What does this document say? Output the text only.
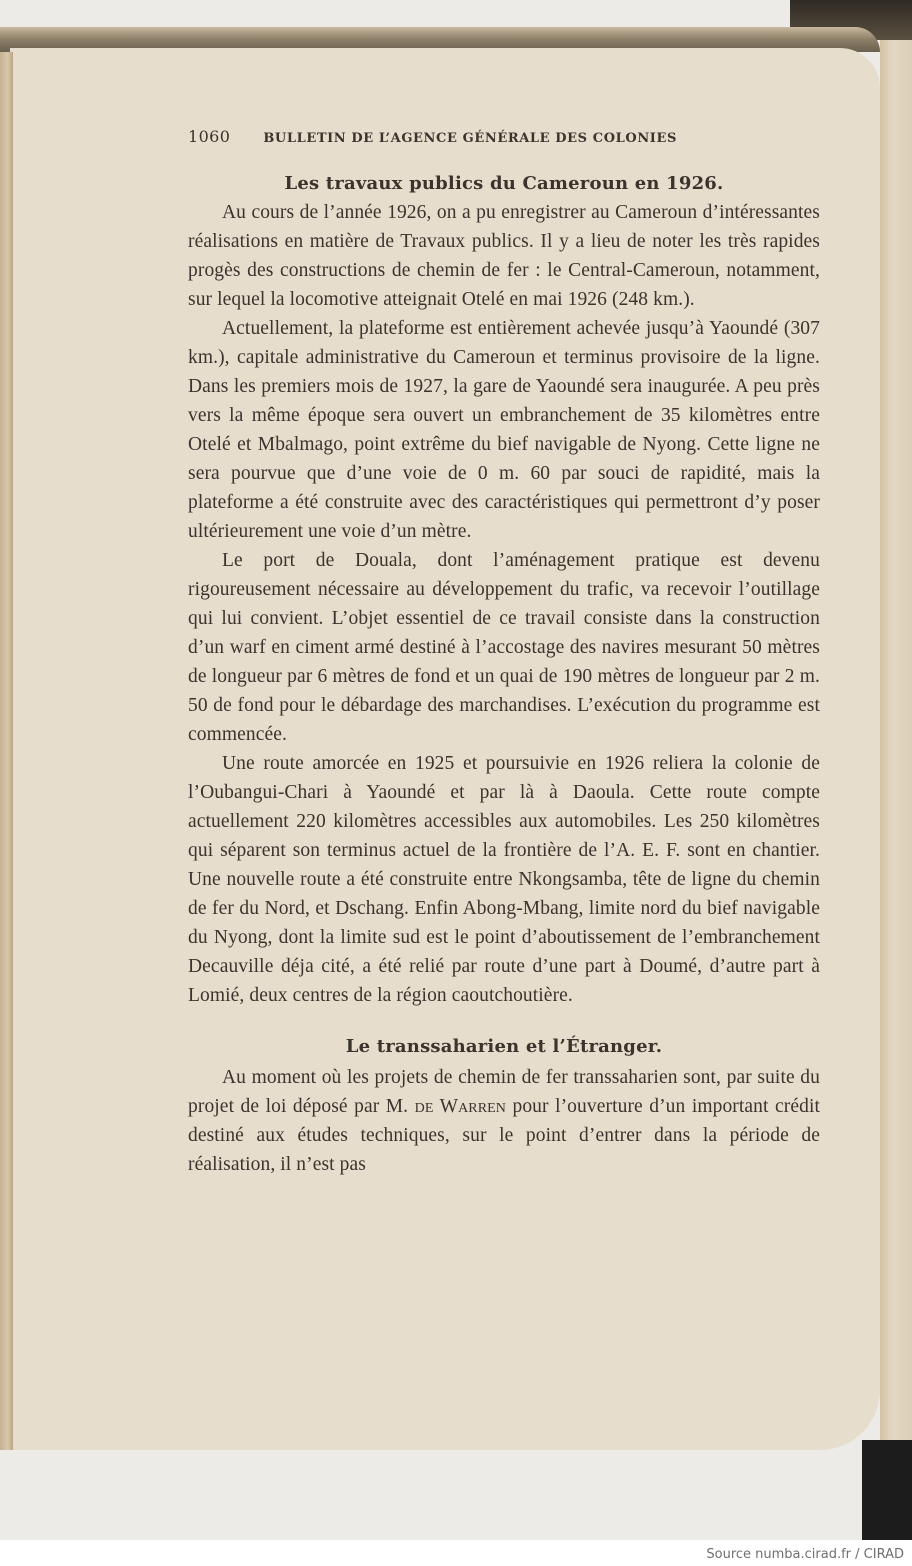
1060	BULLETIN DE L’AGENCE GÉNÉRALE DES COLONIES
Les travaux publics du Cameroun en 1926.

Au cours de l’année 1926, on a pu enregistrer au Cameroun d’intéressantes réalisations en matière de Travaux publics. Il y a lieu de noter les très rapides progès des constructions de chemin de fer : le Central-Cameroun, notamment, sur lequel la locomotive atteignait Otelé en mai 1926 (248 km.).

Actuellement, la plateforme est entièrement achevée jusqu’à Yaoundé (307 km.), capitale administrative du Cameroun et terminus provisoire de la ligne. Dans les premiers mois de 1927, la gare de Yaoundé sera inaugurée. A peu près vers la même époque sera ouvert un embranchement de 35 kilomètres entre Otelé et Mbalmago, point extrême du bief navigable de Nyong. Cette ligne ne sera pourvue que d’une voie de 0 m. 60 par souci de rapidité, mais la plateforme a été construite avec des caractéristiques qui permettront d’y poser ultérieurement une voie d’un mètre.

Le port de Douala, dont l’aménagement pratique est devenu rigoureusement nécessaire au développement du trafic, va recevoir l’outillage qui lui convient. L’objet essentiel de ce travail consiste dans la construction d’un warf en ciment armé destiné à l’accostage des navires mesurant 50 mètres de longueur par 6 mètres de fond et un quai de 190 mètres de longueur par 2 m. 50 de fond pour le débardage des marchandises. L’exécution du programme est commencée.

Une route amorcée en 1925 et poursuivie en 1926 reliera la colonie de l’Oubangui-Chari à Yaoundé et par là à Daoula. Cette route compte actuellement 220 kilomètres accessibles aux automobiles. Les 250 kilomètres qui séparent son terminus actuel de la frontière de l’A. E. F. sont en chantier. Une nouvelle route a été construite entre Nkongsamba, tête de ligne du chemin de fer du Nord, et Dschang. Enfin Abong-Mbang, limite nord du bief navigable du Nyong, dont la limite sud est le point d’aboutissement de l’embranchement Decauville déja cité, a été relié par route d’une part à Doumé, d’autre part à Lomié, deux centres de la région caoutchoutière.

Le transsaharien et l’Étranger.

Au moment où les projets de chemin de fer transsaharien sont, par suite du projet de loi déposé par M. de Warren pour l’ouverture d’un important crédit destiné aux études techniques, sur le point d’entrer dans la période de réalisation, il n’est pas

Source numba.cirad.fr / CIRAD
